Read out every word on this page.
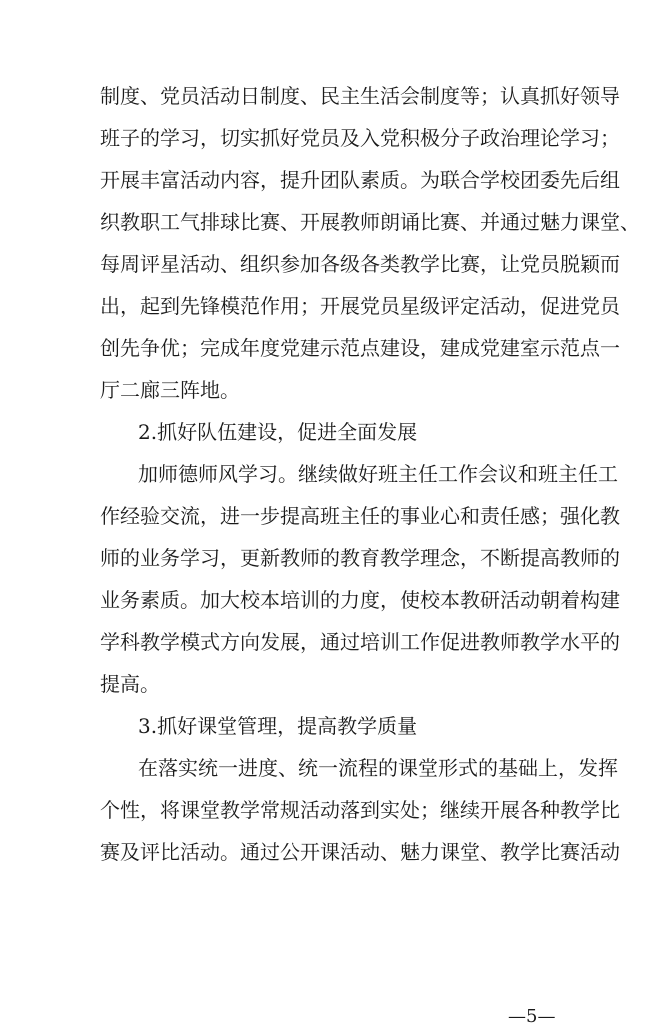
制度、党员活动日制度、民主生活会制度等；认真抓好领导
班子的学习，切实抓好党员及入党积极分子政治理论学习；
开展丰富活动内容，提升团队素质。为联合学校团委先后组
织教职工气排球比赛、开展教师朗诵比赛、并通过魅力课堂、
每周评星活动、组织参加各级各类教学比赛，让党员脱颖而
出，起到先锋模范作用；开展党员星级评定活动，促进党员
创先争优；完成年度党建示范点建设，建成党建室示范点一
厅二廊三阵地。
2.抓好队伍建设，促进全面发展
加师德师风学习。继续做好班主任工作会议和班主任工
作经验交流，进一步提高班主任的事业心和责任感；强化教
师的业务学习，更新教师的教育教学理念，不断提高教师的
业务素质。加大校本培训的力度，使校本教研活动朝着构建
学科教学模式方向发展，通过培训工作促进教师教学水平的
提高。
3.抓好课堂管理，提高教学质量
在落实统一进度、统一流程的课堂形式的基础上，发挥
个性，将课堂教学常规活动落到实处；继续开展各种教学比
赛及评比活动。通过公开课活动、魅力课堂、教学比赛活动
—5—
